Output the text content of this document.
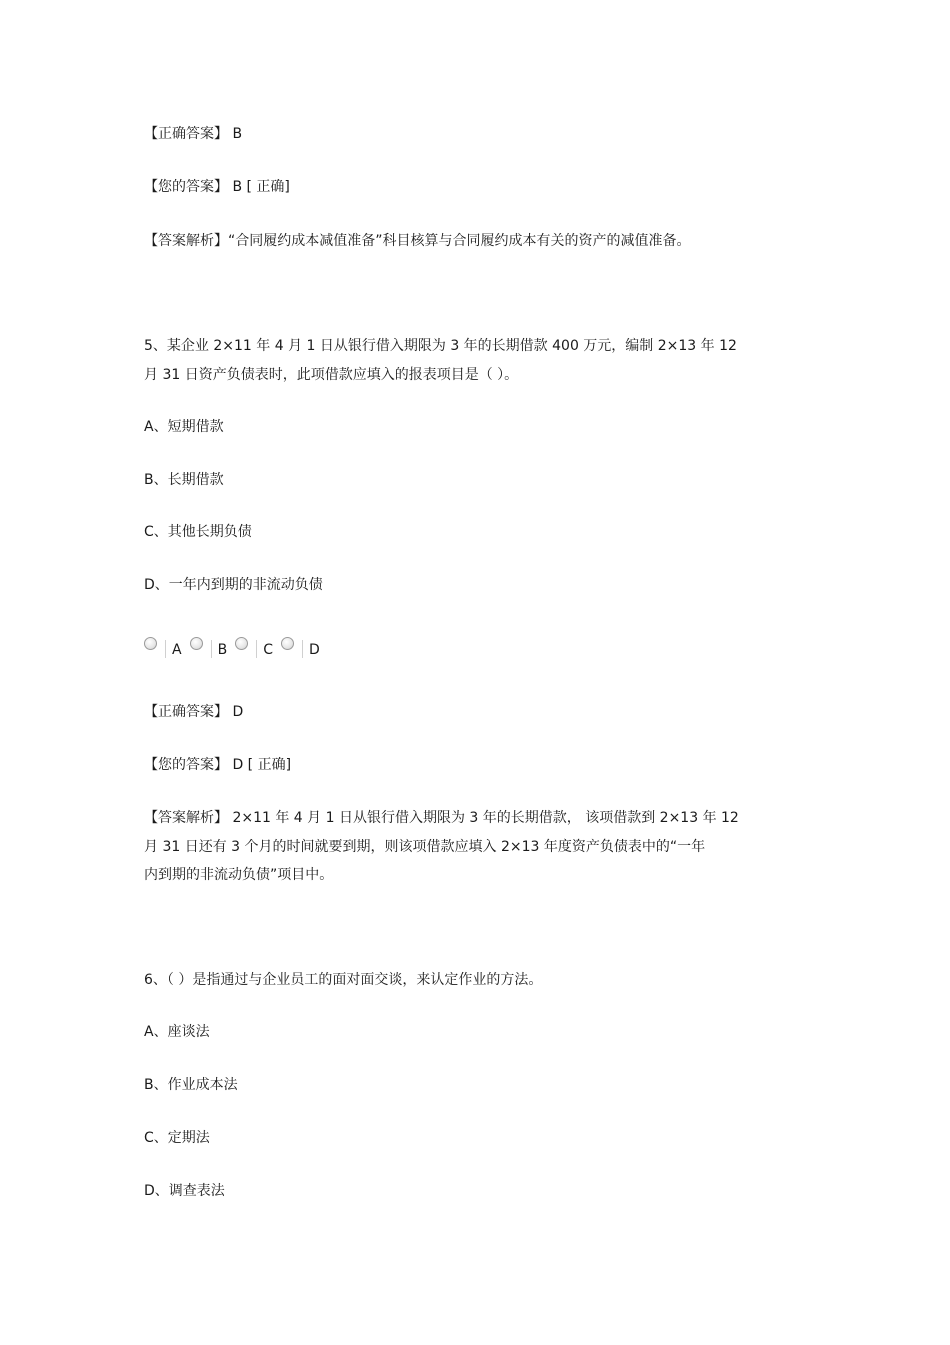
【正确答案】 B
【您的答案】 B [ 正确]
【答案解析】“合同履约成本减值准备”科目核算与合同履约成本有关的资产的减值准备。
5、某企业 2×11 年 4 月 1 日从银行借入期限为 3 年的长期借款 400 万元，编制 2×13 年 12
月 31 日资产负债表时，此项借款应填入的报表项目是（ ）。
A、短期借款
B、长期借款
C、其他长期负债
D、一年内到期的非流动负债
A	B	C	D
【正确答案】 D
【您的答案】 D [ 正确]
【答案解析】 2×11 年 4 月 1 日从银行借入期限为 3 年的长期借款， 该项借款到 2×13 年 12
月 31 日还有 3 个月的时间就要到期，则该项借款应填入 2×13 年度资产负债表中的“一年
内到期的非流动负债”项目中。
6、（ ）是指通过与企业员工的面对面交谈，来认定作业的方法。
A、座谈法
B、作业成本法
C、定期法
D、调查表法
